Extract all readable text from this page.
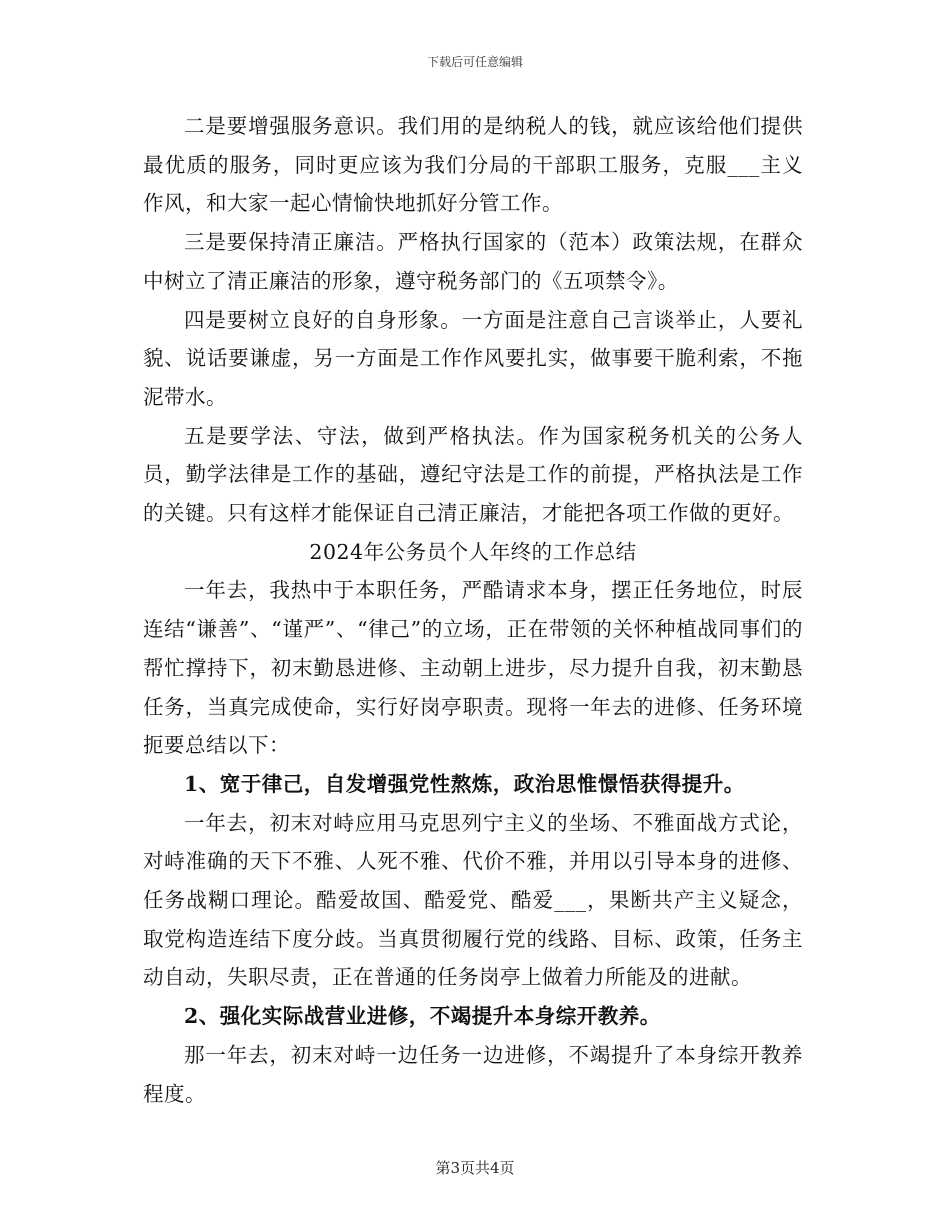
下载后可任意编辑

二是要增强服务意识。我们用的是纳税人的钱，就应该给他们提供最优质的服务，同时更应该为我们分局的干部职工服务，克服___主义作风，和大家一起心情愉快地抓好分管工作。

三是要保持清正廉洁。严格执行国家的（范本）政策法规，在群众中树立了清正廉洁的形象，遵守税务部门的《五项禁令》。

四是要树立良好的自身形象。一方面是注意自己言谈举止，人要礼貌、说话要谦虚，另一方面是工作作风要扎实，做事要干脆利索，不拖泥带水。

五是要学法、守法，做到严格执法。作为国家税务机关的公务人员，勤学法律是工作的基础，遵纪守法是工作的前提，严格执法是工作的关键。只有这样才能保证自己清正廉洁，才能把各项工作做的更好。

2024年公务员个人年终的工作总结

一年去，我热中于本职任务，严酷请求本身，摆正任务地位，时辰连结“谦善”、“谨严”、“律己”的立场，正在带领的关怀种植战同事们的帮忙撑持下，初末勤恳进修、主动朝上进步，尽力提升自我，初末勤恳任务，当真完成使命，实行好岗亭职责。现将一年去的进修、任务环境扼要总结以下：

1、宽于律己，自发增强党性熬炼，政治思惟憬悟获得提升。

一年去，初末对峙应用马克思列宁主义的坐场、不雅面战方式论，对峙准确的天下不雅、人死不雅、代价不雅，并用以引导本身的进修、任务战糊口理论。酷爱故国、酷爱党、酷爱___，果断共产主义疑念，取党构造连结下度分歧。当真贯彻履行党的线路、目标、政策，任务主动自动，失职尽责，正在普通的任务岗亭上做着力所能及的进献。

2、强化实际战营业进修，不竭提升本身综开教养。

那一年去，初末对峙一边任务一边进修，不竭提升了本身综开教养程度。

第3页共4页
